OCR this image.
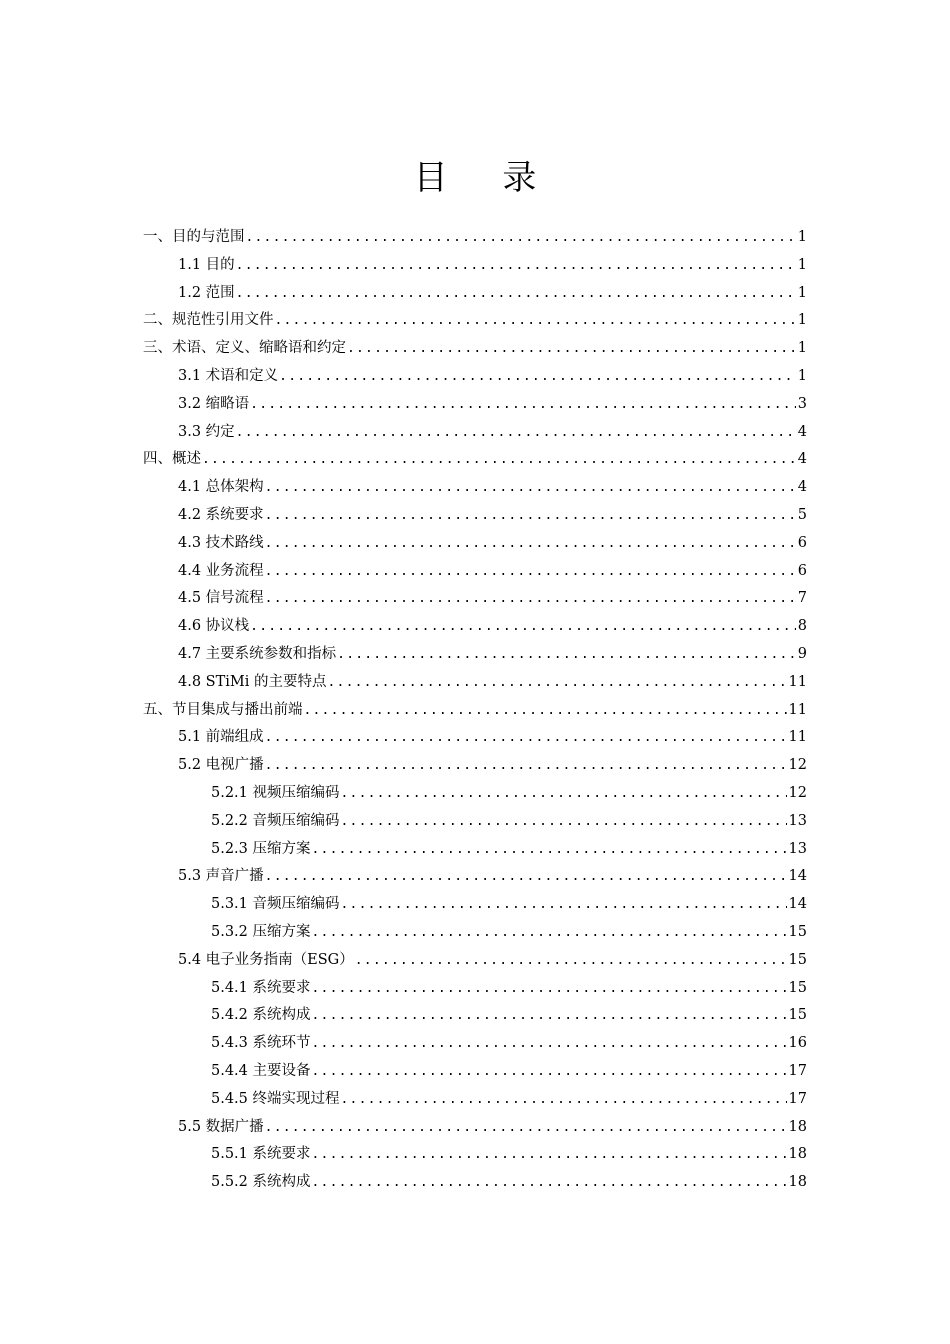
目 录
一、目的与范围 .....	1
1.1 目的 .....	1
1.2 范围 .....	1
二、规范性引用文件 .....	1
三、术语、定义、缩略语和约定 .....	1
3.1 术语和定义 .....	1
3.2 缩略语 .....	3
3.3 约定 .....	4
四、概述 .....	4
4.1 总体架构 .....	4
4.2 系统要求 .....	5
4.3 技术路线 .....	6
4.4 业务流程 .....	6
4.5 信号流程 .....	7
4.6 协议栈 .....	8
4.7 主要系统参数和指标 .....	9
4.8 STiMi 的主要特点 .....	11
五、节目集成与播出前端 .....	11
5.1 前端组成 .....	11
5.2 电视广播 .....	12
5.2.1 视频压缩编码 .....	12
5.2.2 音频压缩编码 .....	13
5.2.3 压缩方案 .....	13
5.3 声音广播 .....	14
5.3.1 音频压缩编码 .....	14
5.3.2 压缩方案 .....	15
5.4 电子业务指南（ESG） .....	15
5.4.1 系统要求 .....	15
5.4.2 系统构成 .....	15
5.4.3 系统环节 .....	16
5.4.4 主要设备 .....	17
5.4.5 终端实现过程 .....	17
5.5 数据广播 .....	18
5.5.1 系统要求 .....	18
5.5.2 系统构成 .....	18
